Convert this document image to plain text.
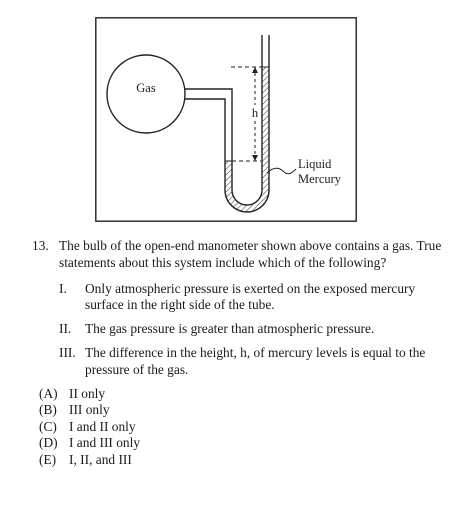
Gas
h
Liquid
Mercury
13. The bulb of the open-end manometer shown above contains a gas. True statements about this system include which of the following?
I.	Only atmospheric pressure is exerted on the exposed mercury surface in the right side of the tube.
II.	The gas pressure is greater than atmospheric pressure.
III. The difference in the height, h, of mercury levels is equal to the pressure of the gas.
(A) II only
(B) III only
(C) I and II only
(D) I and III only
(E) I, II, and III
